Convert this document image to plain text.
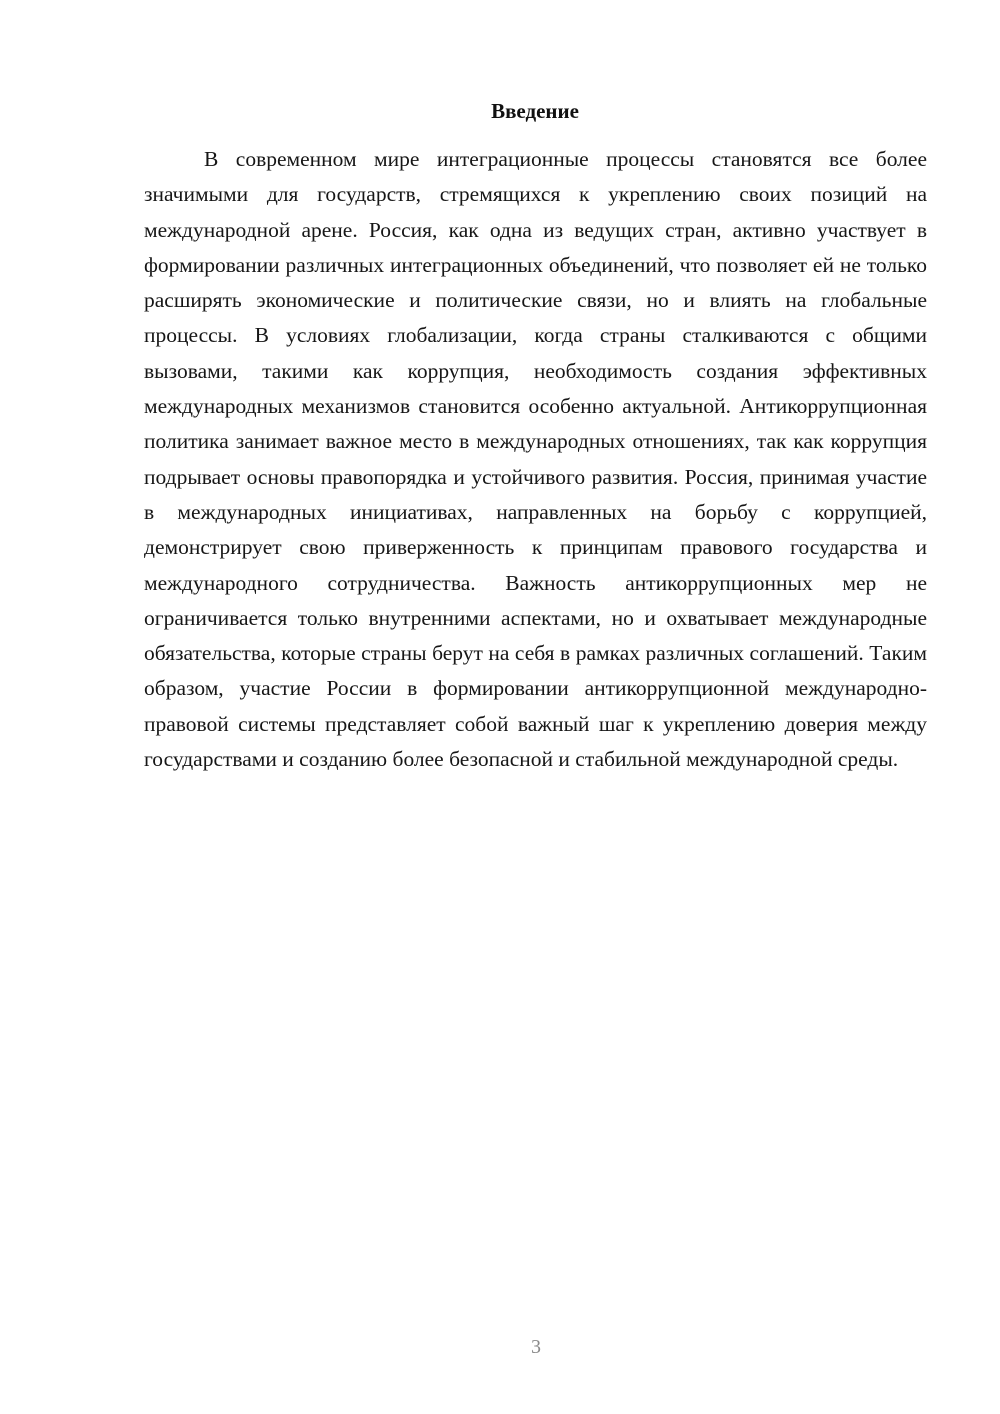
Введение

В современном мире интеграционные процессы становятся все более значимыми для государств, стремящихся к укреплению своих позиций на международной арене. Россия, как одна из ведущих стран, активно участвует в формировании различных интеграционных объединений, что позволяет ей не только расширять экономические и политические связи, но и влиять на глобальные процессы. В условиях глобализации, когда страны сталкиваются с общими вызовами, такими как коррупция, необходимость создания эффективных международных механизмов становится особенно актуальной. Антикоррупционная политика занимает важное место в международных отношениях, так как коррупция подрывает основы правопорядка и устойчивого развития. Россия, принимая участие в международных инициативах, направленных на борьбу с коррупцией, демонстрирует свою приверженность к принципам правового государства и международного сотрудничества. Важность антикоррупционных мер не ограничивается только внутренними аспектами, но и охватывает международные обязательства, которые страны берут на себя в рамках различных соглашений. Таким образом, участие России в формировании антикоррупционной международно-правовой системы представляет собой важный шаг к укреплению доверия между государствами и созданию более безопасной и стабильной международной среды.

3
